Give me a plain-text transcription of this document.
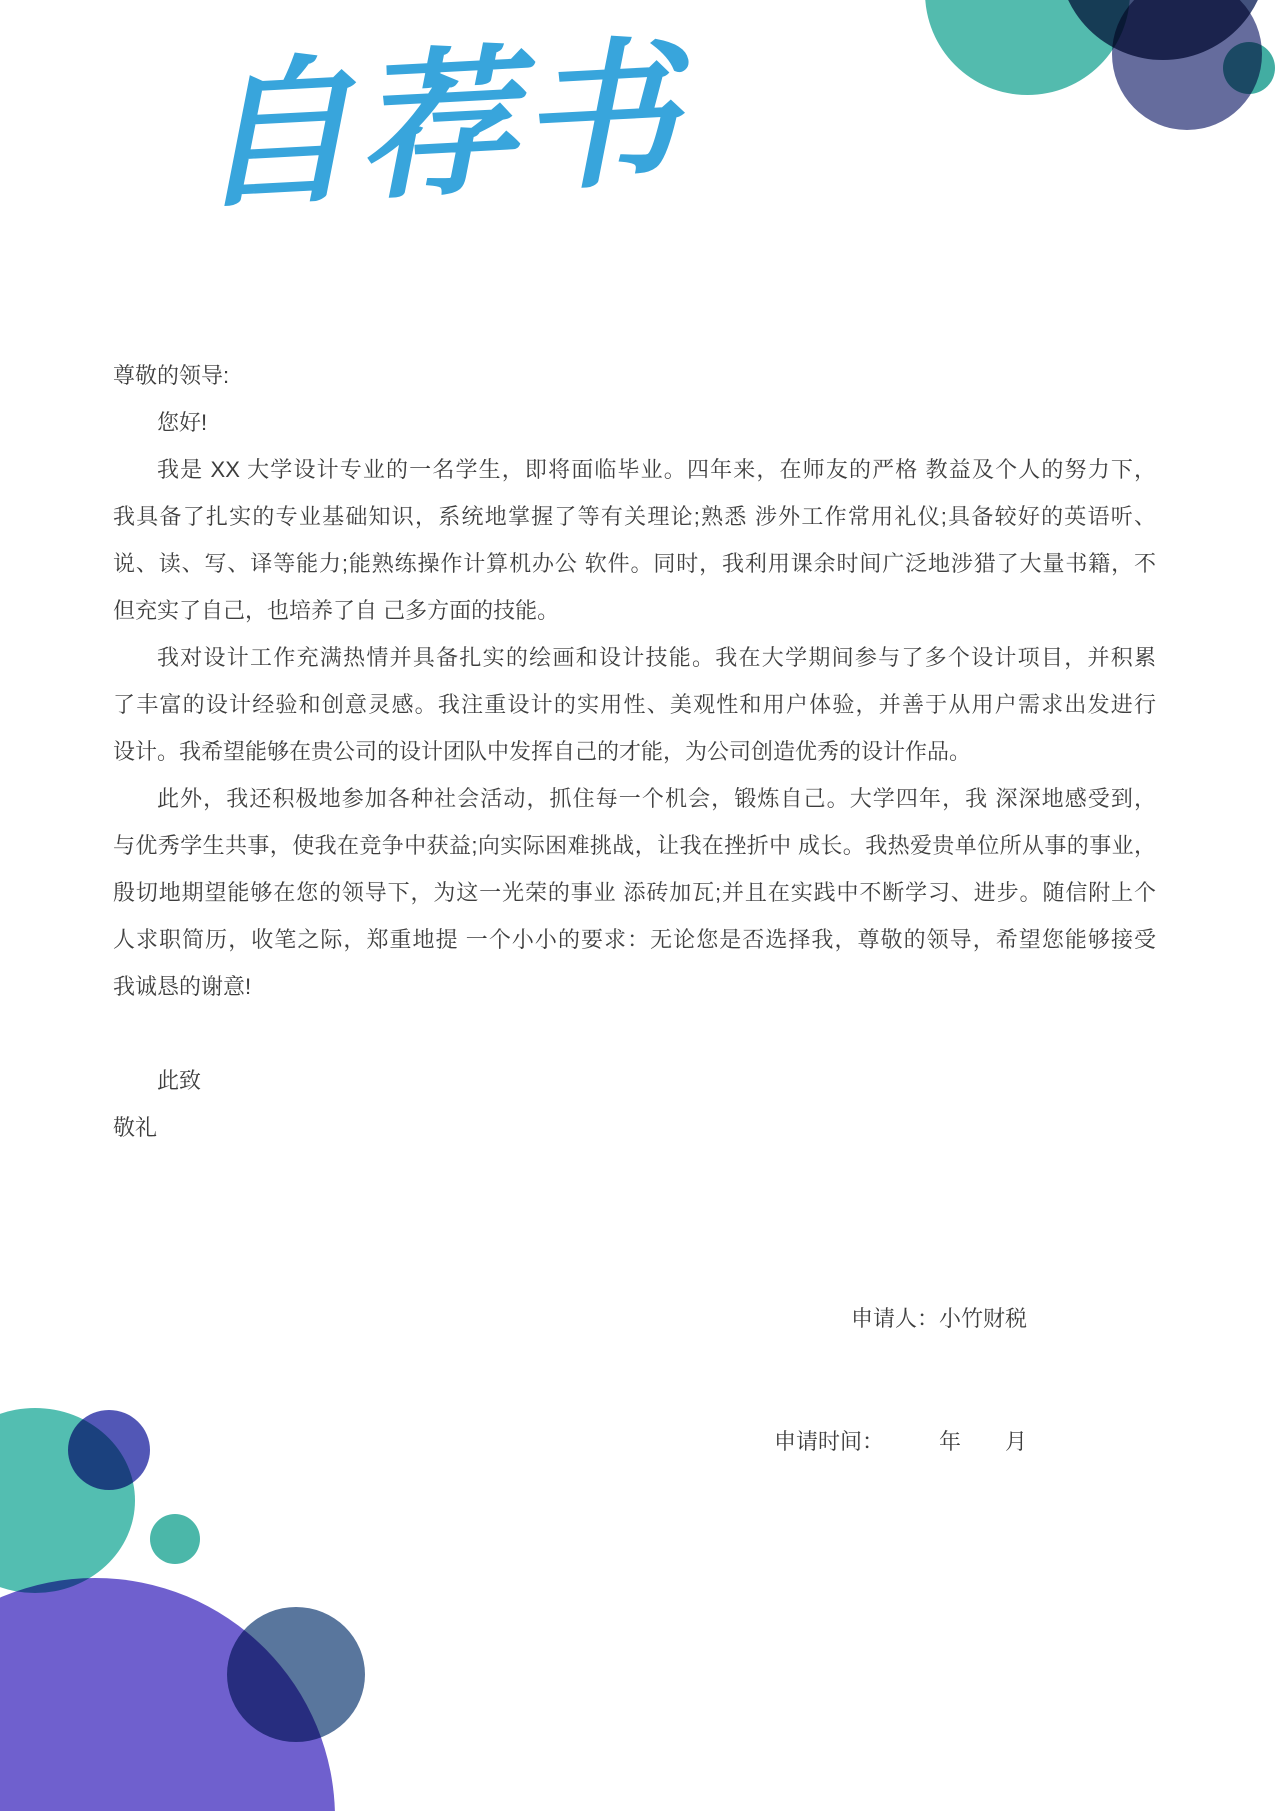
自荐书
尊敬的领导:
您好!
我是 XX 大学设计专业的一名学生，即将面临毕业。四年来，在师友的严格 教益及个人的努力下，
我具备了扎实的专业基础知识，系统地掌握了等有关理论;熟悉 涉外工作常用礼仪;具备较好的英语听、
说、读、写、译等能力;能熟练操作计算机办公 软件。同时，我利用课余时间广泛地涉猎了大量书籍，不
但充实了自己，也培养了自 己多方面的技能。
我对设计工作充满热情并具备扎实的绘画和设计技能。我在大学期间参与了多个设计项目，并积累
了丰富的设计经验和创意灵感。我注重设计的实用性、美观性和用户体验，并善于从用户需求出发进行
设计。我希望能够在贵公司的设计团队中发挥自己的才能，为公司创造优秀的设计作品。
此外，我还积极地参加各种社会活动，抓住每一个机会，锻炼自己。大学四年，我 深深地感受到，
与优秀学生共事，使我在竞争中获益;向实际困难挑战，让我在挫折中 成长。我热爱贵单位所从事的事业，
殷切地期望能够在您的领导下，为这一光荣的事业 添砖加瓦;并且在实践中不断学习、进步。随信附上个
人求职简历，收笔之际，郑重地提 一个小小的要求：无论您是否选择我，尊敬的领导，希望您能够接受
我诚恳的谢意!
此致
敬礼

申请人：小竹财税

申请时间：　　　年　　月
